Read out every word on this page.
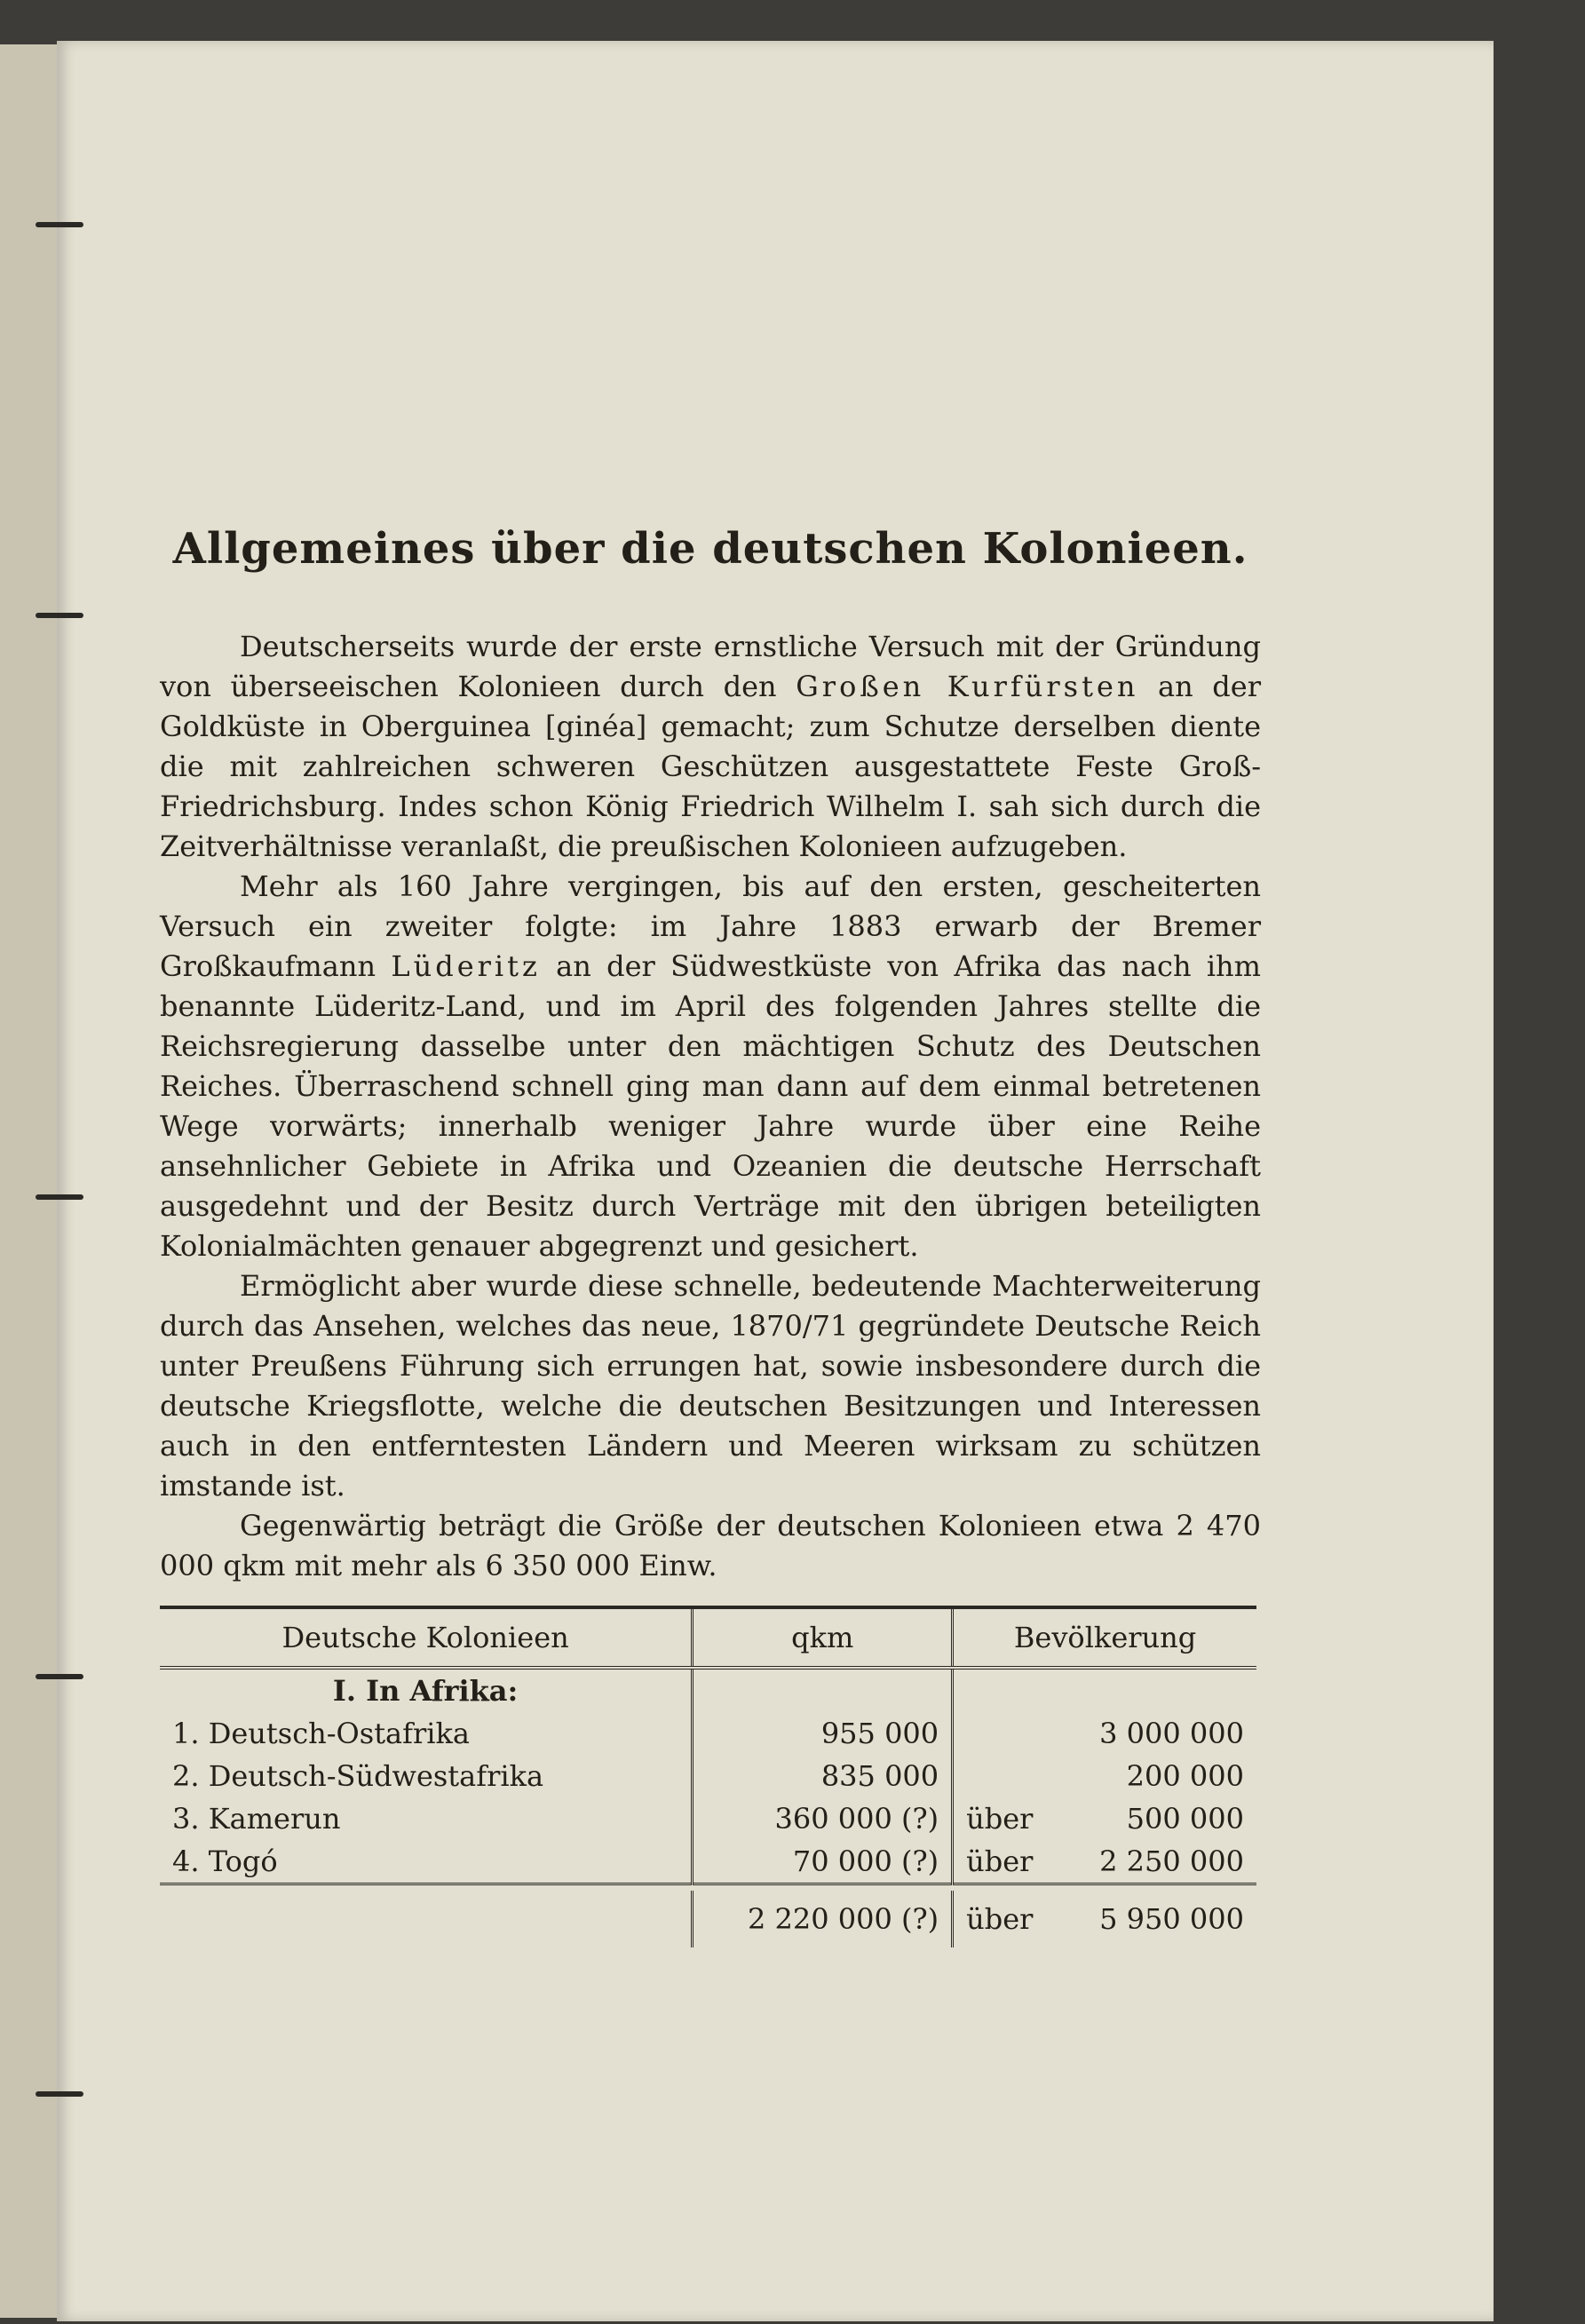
Allgemeines über die deutschen Kolonieen.

Deutscherseits wurde der erste ernstliche Versuch mit der Gründung von überseeischen Kolonieen durch den Großen Kurfürsten an der Goldküste in Oberguinea [ginéa] gemacht; zum Schutze derselben diente die mit zahlreichen schweren Geschützen ausgestattete Feste Groß-Friedrichsburg. Indes schon König Friedrich Wilhelm I. sah sich durch die Zeitverhältnisse veranlaßt, die preußischen Kolonieen aufzugeben.

Mehr als 160 Jahre vergingen, bis auf den ersten, gescheiterten Versuch ein zweiter folgte: im Jahre 1883 erwarb der Bremer Großkaufmann Lüderitz an der Südwestküste von Afrika das nach ihm benannte Lüderitz-Land, und im April des folgenden Jahres stellte die Reichsregierung dasselbe unter den mächtigen Schutz des Deutschen Reiches. Überraschend schnell ging man dann auf dem einmal betretenen Wege vorwärts; innerhalb weniger Jahre wurde über eine Reihe ansehnlicher Gebiete in Afrika und Ozeanien die deutsche Herrschaft ausgedehnt und der Besitz durch Verträge mit den übrigen beteiligten Kolonialmächten genauer abgegrenzt und gesichert.

Ermöglicht aber wurde diese schnelle, bedeutende Machterweiterung durch das Ansehen, welches das neue, 1870/71 gegründete Deutsche Reich unter Preußens Führung sich errungen hat, sowie insbesondere durch die deutsche Kriegsflotte, welche die deutschen Besitzungen und Interessen auch in den entferntesten Ländern und Meeren wirksam zu schützen imstande ist.

Gegenwärtig beträgt die Größe der deutschen Kolonieen etwa 2 470 000 qkm mit mehr als 6 350 000 Einw.

Deutsche Kolonieen	qkm	Bevölkerung
I. In Afrika:		
1. Deutsch-Ostafrika	955 000	3 000 000
2. Deutsch-Südwestafrika	835 000	200 000
3. Kamerun	360 000 (?)	über 500 000
4. Togó	70 000 (?)	über 2 250 000

	2 220 000 (?)	über 5 950 000
